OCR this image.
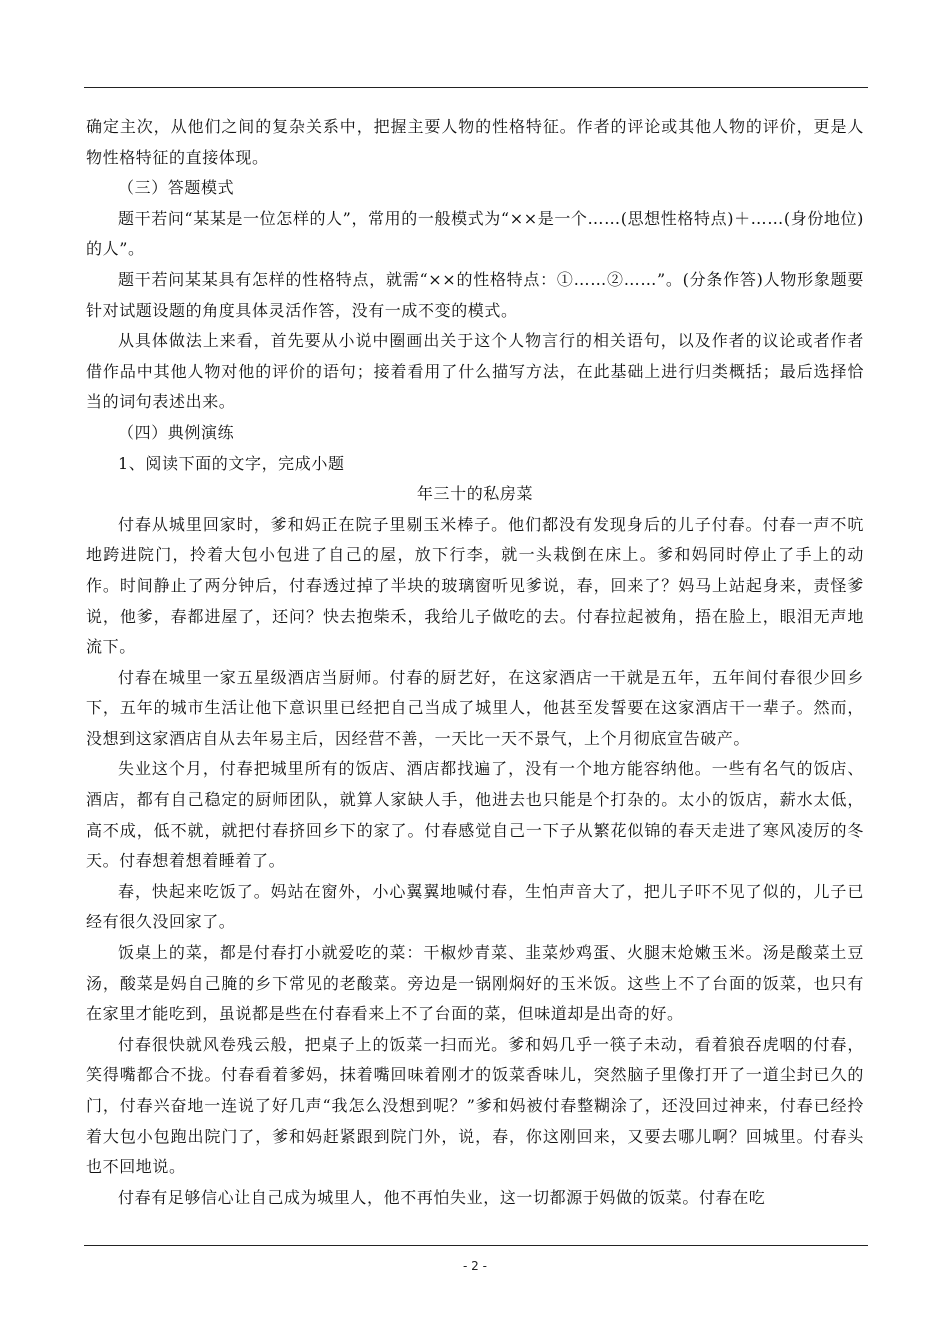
确定主次，从他们之间的复杂关系中，把握主要人物的性格特征。作者的评论或其他人物的评价，更是人物性格特征的直接体现。

（三）答题模式

题干若问“某某是一位怎样的人”，常用的一般模式为“××是一个……(思想性格特点)＋……(身份地位)的人”。

题干若问某某具有怎样的性格特点，就需“××的性格特点：①……②……”。(分条作答)人物形象题要针对试题设题的角度具体灵活作答，没有一成不变的模式。

从具体做法上来看，首先要从小说中圈画出关于这个人物言行的相关语句，以及作者的议论或者作者借作品中其他人物对他的评价的语句；接着看用了什么描写方法，在此基础上进行归类概括；最后选择恰当的词句表述出来。

（四）典例演练

1、阅读下面的文字，完成小题

年三十的私房菜

付春从城里回家时，爹和妈正在院子里剔玉米棒子。他们都没有发现身后的儿子付春。付春一声不吭地跨进院门，拎着大包小包进了自己的屋，放下行李，就一头栽倒在床上。爹和妈同时停止了手上的动作。时间静止了两分钟后，付春透过掉了半块的玻璃窗听见爹说，春，回来了？妈马上站起身来，责怪爹说，他爹，春都进屋了，还问？快去抱柴禾，我给儿子做吃的去。付春拉起被角，捂在脸上，眼泪无声地流下。

付春在城里一家五星级酒店当厨师。付春的厨艺好，在这家酒店一干就是五年，五年间付春很少回乡下，五年的城市生活让他下意识里已经把自己当成了城里人，他甚至发誓要在这家酒店干一辈子。然而，没想到这家酒店自从去年易主后，因经营不善，一天比一天不景气，上个月彻底宣告破产。

失业这个月，付春把城里所有的饭店、酒店都找遍了，没有一个地方能容纳他。一些有名气的饭店、酒店，都有自己稳定的厨师团队，就算人家缺人手，他进去也只能是个打杂的。太小的饭店，薪水太低，高不成，低不就，就把付春挤回乡下的家了。付春感觉自己一下子从繁花似锦的春天走进了寒风凌厉的冬天。付春想着想着睡着了。

春，快起来吃饭了。妈站在窗外，小心翼翼地喊付春，生怕声音大了，把儿子吓不见了似的，儿子已经有很久没回家了。

饭桌上的菜，都是付春打小就爱吃的菜：干椒炒青菜、韭菜炒鸡蛋、火腿末炝嫩玉米。汤是酸菜土豆汤，酸菜是妈自己腌的乡下常见的老酸菜。旁边是一锅刚焖好的玉米饭。这些上不了台面的饭菜，也只有在家里才能吃到，虽说都是些在付春看来上不了台面的菜，但味道却是出奇的好。

付春很快就风卷残云般，把桌子上的饭菜一扫而光。爹和妈几乎一筷子未动，看着狼吞虎咽的付春，笑得嘴都合不拢。付春看着爹妈，抹着嘴回味着刚才的饭菜香味儿，突然脑子里像打开了一道尘封已久的门，付春兴奋地一连说了好几声“我怎么没想到呢？”爹和妈被付春整糊涂了，还没回过神来，付春已经拎着大包小包跑出院门了，爹和妈赶紧跟到院门外，说，春，你这刚回来，又要去哪儿啊？回城里。付春头也不回地说。

付春有足够信心让自己成为城里人，他不再怕失业，这一切都源于妈做的饭菜。付春在吃

- 2 -
